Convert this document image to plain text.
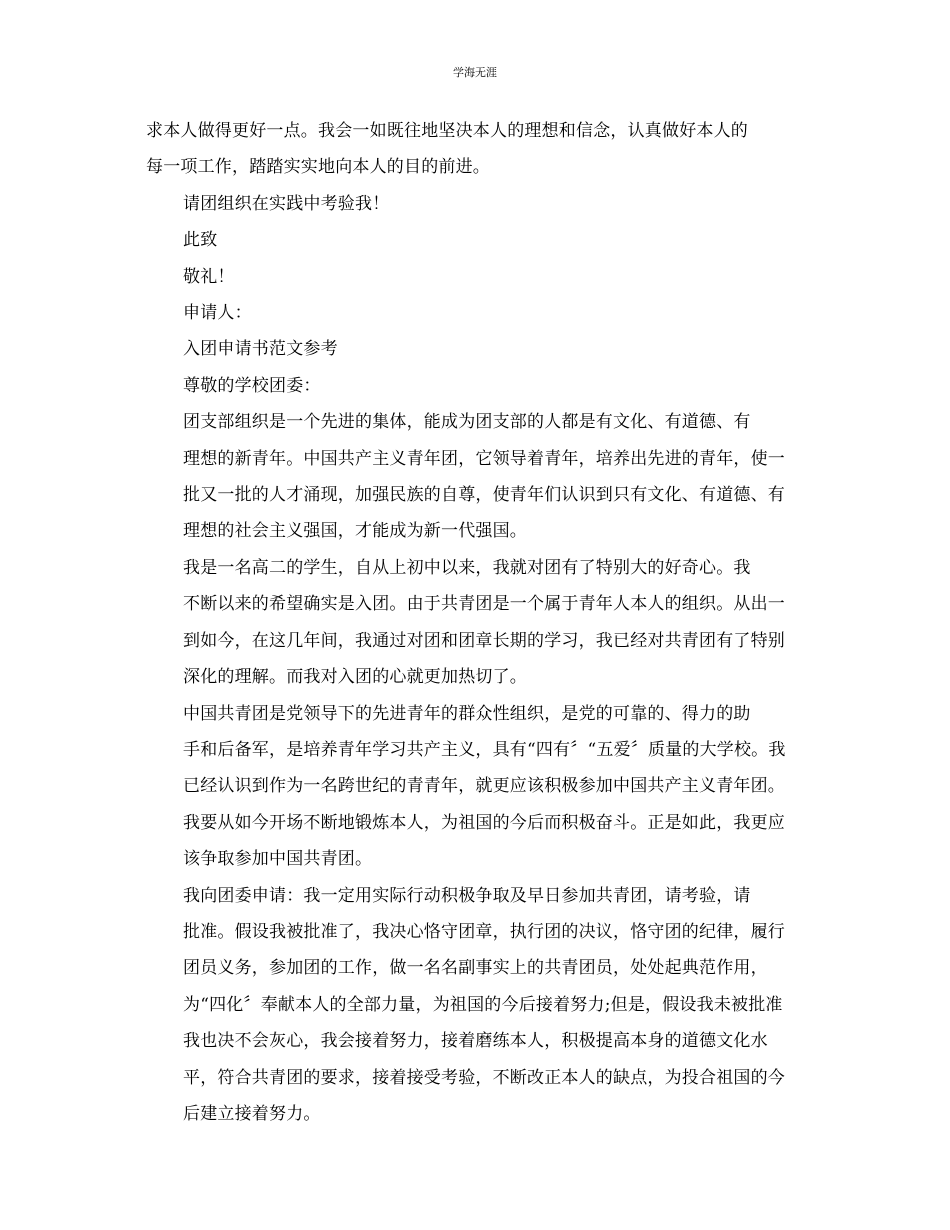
学海无涯
求本人做得更好一点。我会一如既往地坚决本人的理想和信念，认真做好本人的
每一项工作，踏踏实实地向本人的目的前进。
请团组织在实践中考验我！
此致
敬礼！
申请人：
入团申请书范文参考
尊敬的学校团委：
团支部组织是一个先进的集体，能成为团支部的人都是有文化、有道德、有
理想的新青年。中国共产主义青年团，它领导着青年，培养出先进的青年，使一
批又一批的人才涌现，加强民族的自尊，使青年们认识到只有文化、有道德、有
理想的社会主义强国，才能成为新一代强国。
我是一名高二的学生，自从上初中以来，我就对团有了特别大的好奇心。我
不断以来的希望确实是入团。由于共青团是一个属于青年人本人的组织。从出一
到如今，在这几年间，我通过对团和团章长期的学习，我已经对共青团有了特别
深化的理解。而我对入团的心就更加热切了。
中国共青团是党领导下的先进青年的群众性组织，是党的可靠的、得力的助
手和后备军，是培养青年学习共产主义，具有“四有〞“五爱〞质量的大学校。我
已经认识到作为一名跨世纪的青青年，就更应该积极参加中国共产主义青年团。
我要从如今开场不断地锻炼本人，为祖国的今后而积极奋斗。正是如此，我更应
该争取参加中国共青团。
我向团委申请：我一定用实际行动积极争取及早日参加共青团，请考验，请
批准。假设我被批准了，我决心恪守团章，执行团的决议，恪守团的纪律，履行
团员义务，参加团的工作，做一名名副事实上的共青团员，处处起典范作用，
为“四化〞奉献本人的全部力量，为祖国的今后接着努力;但是，假设我未被批准
我也决不会灰心，我会接着努力，接着磨练本人，积极提高本身的道德文化水
平，符合共青团的要求，接着接受考验，不断改正本人的缺点，为投合祖国的今
后建立接着努力。
